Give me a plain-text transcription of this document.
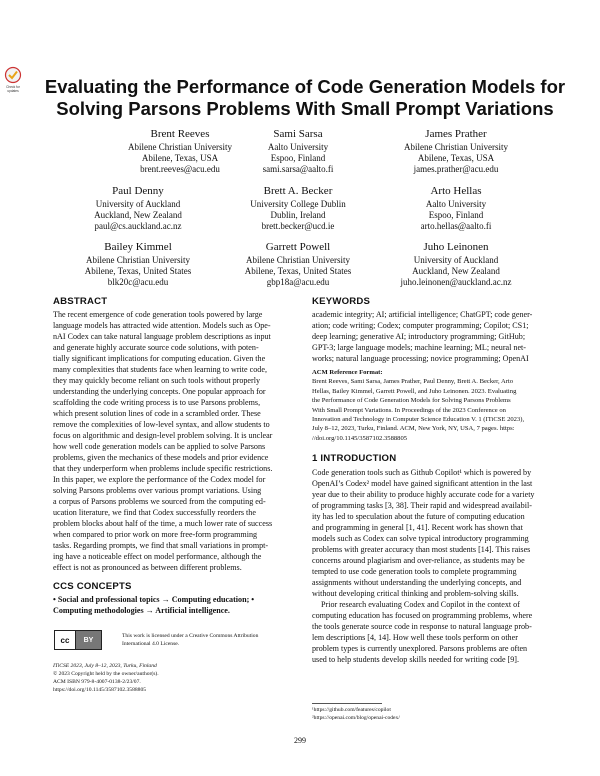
Check for
updates Evaluating the Performance of Code Generation Models for
Solving Parsons Problems With Small Prompt Variations
Brent Reeves
Abilene Christian University
Abilene, Texas, USA
brent.reeves@acu.edu
Sami Sarsa
Aalto University
Espoo, Finland
sami.sarsa@aalto.fi
James Prather
Abilene Christian University
Abilene, Texas, USA
james.prather@acu.edu
Paul Denny
University of Auckland
Auckland, New Zealand
paul@cs.auckland.ac.nz
Brett A. Becker
University College Dublin
Dublin, Ireland
brett.becker@ucd.ie
Arto Hellas
Aalto University
Espoo, Finland
arto.hellas@aalto.fi
Bailey Kimmel
Abilene Christian University
Abilene, Texas, United States
blk20c@acu.edu
Garrett Powell
Abilene Christian University
Abilene, Texas, United States
gbp18a@acu.edu
Juho Leinonen
University of Auckland
Auckland, New Zealand
juho.leinonen@auckland.ac.nz
ABSTRACT
The recent emergence of code generation tools powered by large
language models has attracted wide attention. Models such as Ope-
nAI Codex can take natural language problem descriptions as input
and generate highly accurate source code solutions, with poten-
tially significant implications for computing education. Given the
many complexities that students face when learning to write code,
they may quickly become reliant on such tools without properly
understanding the underlying concepts. One popular approach for
scaffolding the code writing process is to use Parsons problems,
which present solution lines of code in a scrambled order. These
remove the complexities of low-level syntax, and allow students to
focus on algorithmic and design-level problem solving. It is unclear
how well code generation models can be applied to solve Parsons
problems, given the mechanics of these models and prior evidence
that they underperform when problems include specific restrictions.
In this paper, we explore the performance of the Codex model for
solving Parsons problems over various prompt variations. Using
a corpus of Parsons problems we sourced from the computing ed-
ucation literature, we find that Codex successfully reorders the
problem blocks about half of the time, a much lower rate of success
when compared to prior work on more free-form programming
tasks. Regarding prompts, we find that small variations in prompt-
ing have a noticeable effect on model performance, although the
effect is not as pronounced as between different problems.
CCS CONCEPTS
• Social and professional topics → Computing education; •
Computing methodologies → Artificial intelligence.
cc	BY
This work is licensed under a Creative Commons Attribution
International 4.0 License.
ITiCSE 2023, July 8–12, 2023, Turku, Finland
© 2023 Copyright held by the owner/author(s).
ACM ISBN 979-8-4007-0138-2/23/07.
https://doi.org/10.1145/3587102.3588805
KEYWORDS
academic integrity; AI; artificial intelligence; ChatGPT; code gener-
ation; code writing; Codex; computer programming; Copilot; CS1;
deep learning; generative AI; introductory programming; GitHub;
GPT-3; large language models; machine learning; ML; neural net-
works; natural language processing; novice programming; OpenAI
ACM Reference Format:
Brent Reeves, Sami Sarsa, James Prather, Paul Denny, Brett A. Becker, Arto
Hellas, Bailey Kimmel, Garrett Powell, and Juho Leinonen. 2023. Evaluating
the Performance of Code Generation Models for Solving Parsons Problems
With Small Prompt Variations. In Proceedings of the 2023 Conference on
Innovation and Technology in Computer Science Education V. 1 (ITiCSE 2023),
July 8–12, 2023, Turku, Finland. ACM, New York, NY, USA, 7 pages. https:
//doi.org/10.1145/3587102.3588805
1 INTRODUCTION
Code generation tools such as Github Copilot¹ which is powered by
OpenAI’s Codex² model have gained significant attention in the last
year due to their ability to produce highly accurate code for a variety
of programming tasks [3, 38]. Their rapid and widespread availabil-
ity has led to speculation about the future of computing education
and programming in general [1, 41]. Recent work has shown that
models such as Codex can solve typical introductory programming
problems with greater accuracy than most students [14]. This raises
concerns around plagiarism and over-reliance, as students may be
tempted to use code generation tools to complete programming
assignments without understanding the underlying concepts, and
without developing critical thinking and problem-solving skills.
Prior research evaluating Codex and Copilot in the context of
computing education has focused on programming problems, where
the tools generate source code in response to natural language prob-
lem descriptions [4, 14]. How well these tools perform on other
problem types is currently unexplored. Parsons problems are often
used to help students develop skills needed for writing code [9].
¹https://github.com/features/copilot
²https://openai.com/blog/openai-codex/
299
